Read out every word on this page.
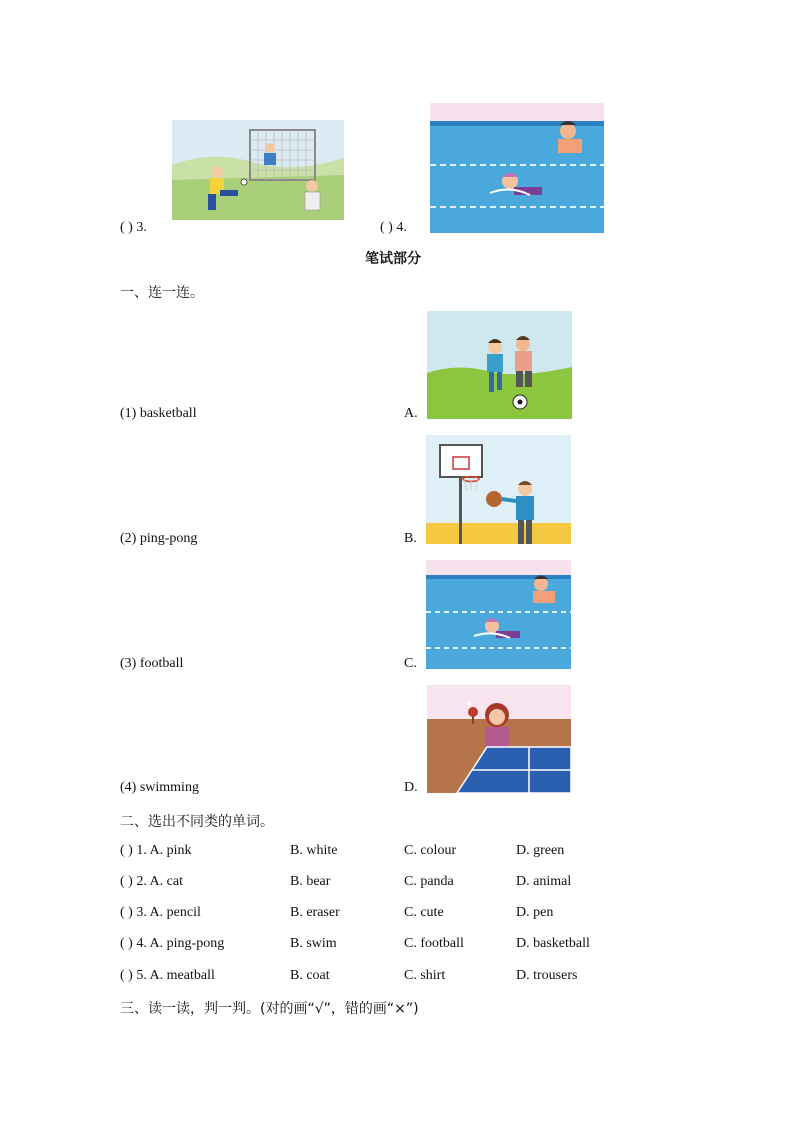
( ) 3.	( ) 4.
笔试部分
一、连一连。
(1) basketball
(2) ping-pong
(3) football
(4) swimming
A.
B.
C.
D.
二、选出不同类的单词。
( ) 1. A. pink	B. white	C. colour	D. green
( ) 2. A. cat	B. bear	C. panda	D. animal
( ) 3. A. pencil	B. eraser	C. cute	D. pen
( ) 4. A. ping-pong	B. swim	C. football	D. basketball
( ) 5. A. meatball	B. coat	C. shirt	D. trousers
三、读一读，判一判。(对的画“√”，错的画“×”)
